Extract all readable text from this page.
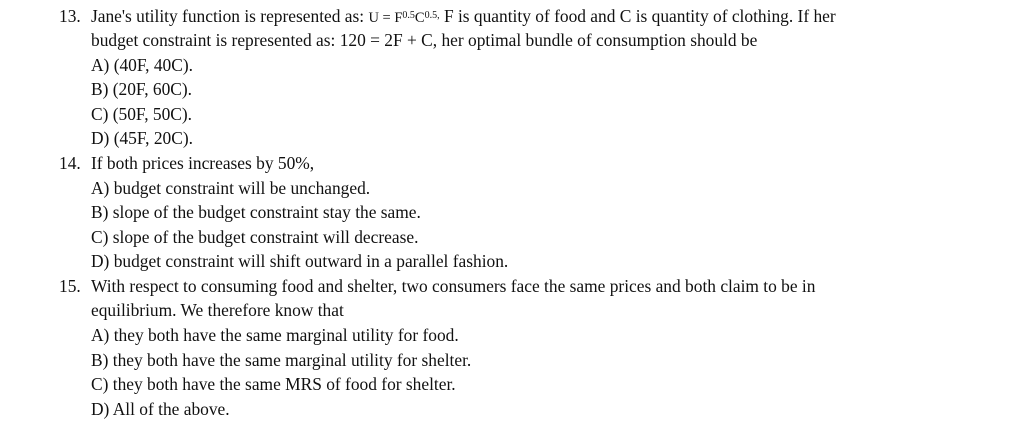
13. Jane's utility function is represented as: $U = F^{0.5}C^{0.5,}$ F is quantity of food and C is quantity of clothing. If her
budget constraint is represented as: 120 = 2F + C, her optimal bundle of consumption should be
A) (40F, 40C).
B) (20F, 60C).
C) (50F, 50C).
D) (45F, 20C).
14. If both prices increases by 50%,
A) budget constraint will be unchanged.
B) slope of the budget constraint stay the same.
C) slope of the budget constraint will decrease.
D) budget constraint will shift outward in a parallel fashion.
15. With respect to consuming food and shelter, two consumers face the same prices and both claim to be in
equilibrium. We therefore know that
A) they both have the same marginal utility for food.
B) they both have the same marginal utility for shelter.
C) they both have the same MRS of food for shelter.
D) All of the above.
